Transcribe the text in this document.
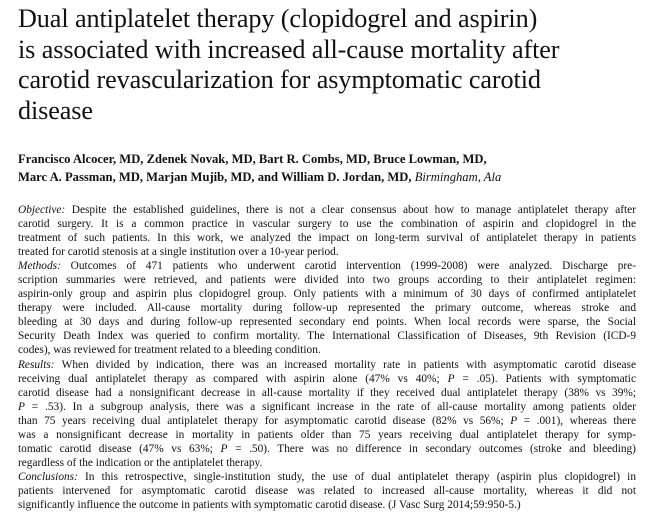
Dual antiplatelet therapy (clopidogrel and aspirin)
is associated with increased all-cause mortality after
carotid revascularization for asymptomatic carotid
disease
Francisco Alcocer, MD, Zdenek Novak, MD, Bart R. Combs, MD, Bruce Lowman, MD,
Marc A. Passman, MD, Marjan Mujib, MD, and William D. Jordan, MD, Birmingham, Ala
Objective: Despite the established guidelines, there is not a clear consensus about how to manage antiplatelet therapy after
carotid surgery. It is a common practice in vascular surgery to use the combination of aspirin and clopidogrel in the
treatment of such patients. In this work, we analyzed the impact on long-term survival of antiplatelet therapy in patients
treated for carotid stenosis at a single institution over a 10-year period.
Methods: Outcomes of 471 patients who underwent carotid intervention (1999-2008) were analyzed. Discharge pre-
scription summaries were retrieved, and patients were divided into two groups according to their antiplatelet regimen:
aspirin-only group and aspirin plus clopidogrel group. Only patients with a minimum of 30 days of confirmed antiplatelet
therapy were included. All-cause mortality during follow-up represented the primary outcome, whereas stroke and
bleeding at 30 days and during follow-up represented secondary end points. When local records were sparse, the Social
Security Death Index was queried to confirm mortality. The International Classification of Diseases, 9th Revision (ICD-9
codes), was reviewed for treatment related to a bleeding condition.
Results: When divided by indication, there was an increased mortality rate in patients with asymptomatic carotid disease
receiving dual antiplatelet therapy as compared with aspirin alone (47% vs 40%; P = .05). Patients with symptomatic
carotid disease had a nonsignificant decrease in all-cause mortality if they received dual antiplatelet therapy (38% vs 39%;
P = .53). In a subgroup analysis, there was a significant increase in the rate of all-cause mortality among patients older
than 75 years receiving dual antiplatelet therapy for asymptomatic carotid disease (82% vs 56%; P = .001), whereas there
was a nonsignificant decrease in mortality in patients older than 75 years receiving dual antiplatelet therapy for symp-
tomatic carotid disease (47% vs 63%; P = .50). There was no difference in secondary outcomes (stroke and bleeding)
regardless of the indication or the antiplatelet therapy.
Conclusions: In this retrospective, single-institution study, the use of dual antiplatelet therapy (aspirin plus clopidogrel) in
patients intervened for asymptomatic carotid disease was related to increased all-cause mortality, whereas it did not
significantly influence the outcome in patients with symptomatic carotid disease. (J Vasc Surg 2014;59:950-5.)
